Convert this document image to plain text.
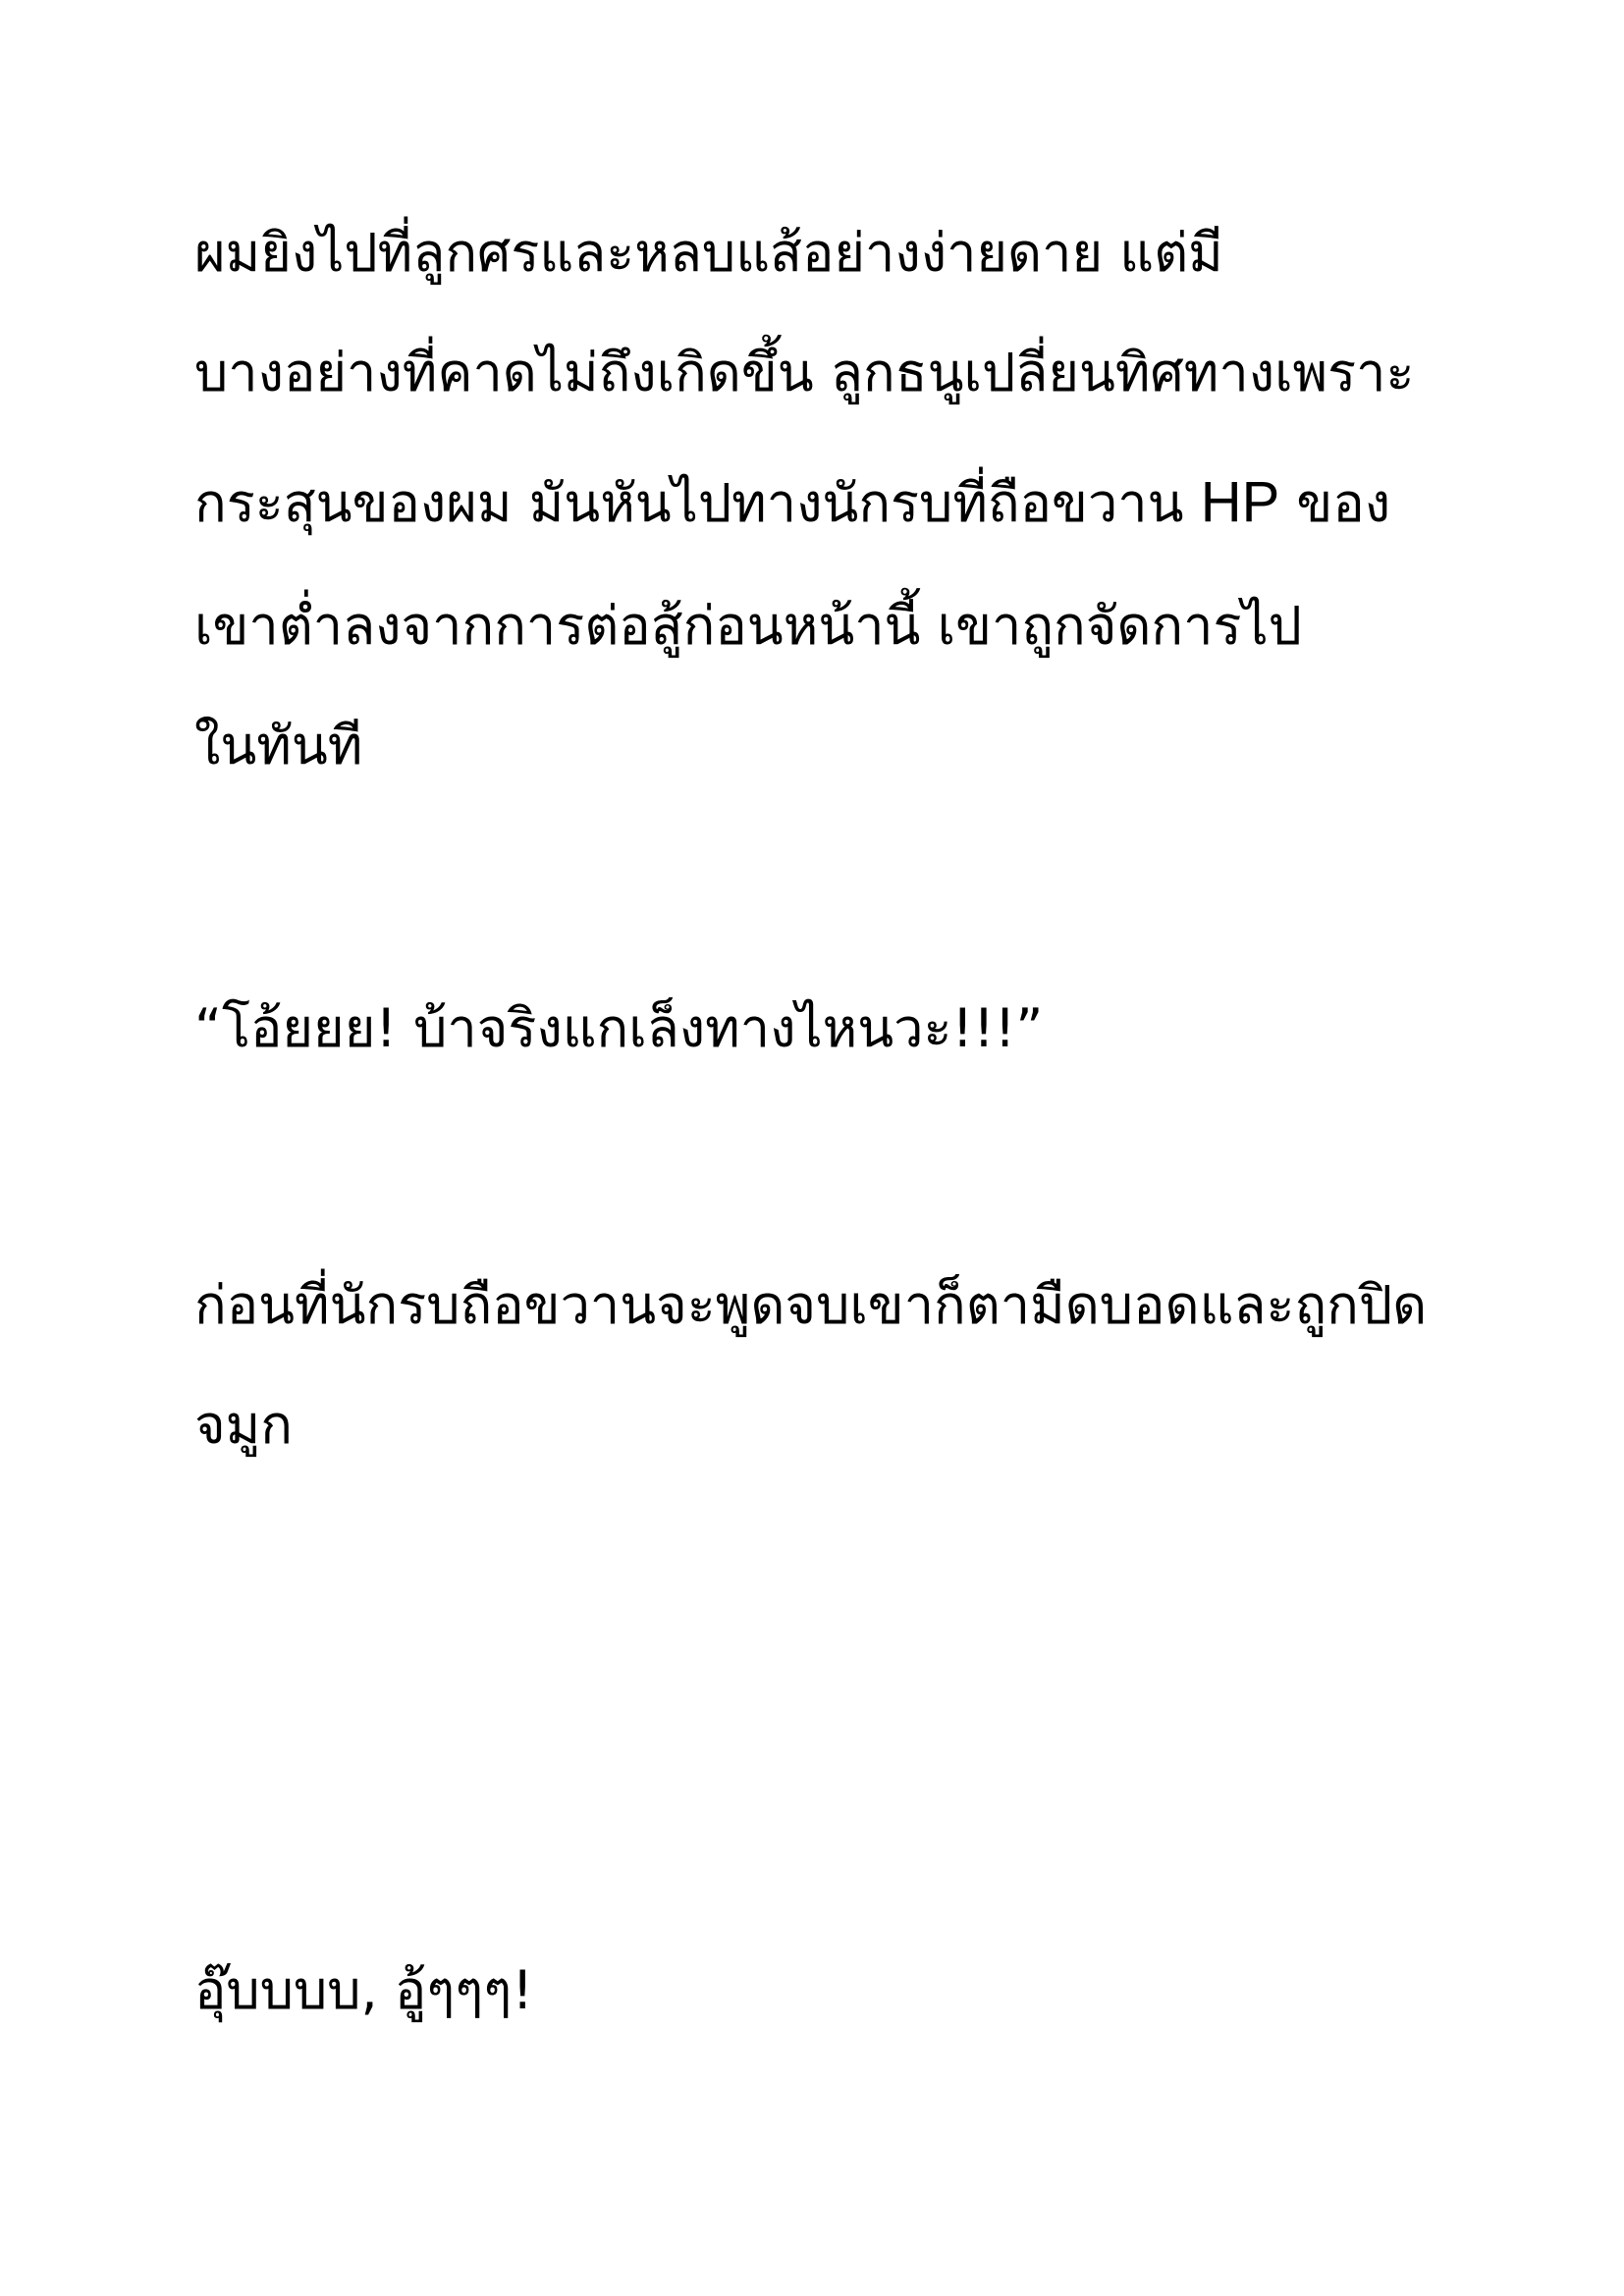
ผมยิงไปที่ลูกศรและหลบแส้อย่างง่ายดาย แต่มี
บางอย่างที่คาดไม่ถึงเกิดขึ้น ลูกธนูเปลี่ยนทิศทางเพราะ
กระสุนของผม มันหันไปทางนักรบที่ถือขวาน HP ของ
เขาต่ำลงจากการต่อสู้ก่อนหน้านี้ เขาถูกจัดการไป
ในทันที
“โอ้ยยย! บ้าจริงแกเล็งทางไหนวะ!!!”
ก่อนที่นักรบถือขวานจะพูดจบเขาก็ตามืดบอดและถูกปิด
จมูก
อุ๊บบบบ, อู้ๆๆๆ!
